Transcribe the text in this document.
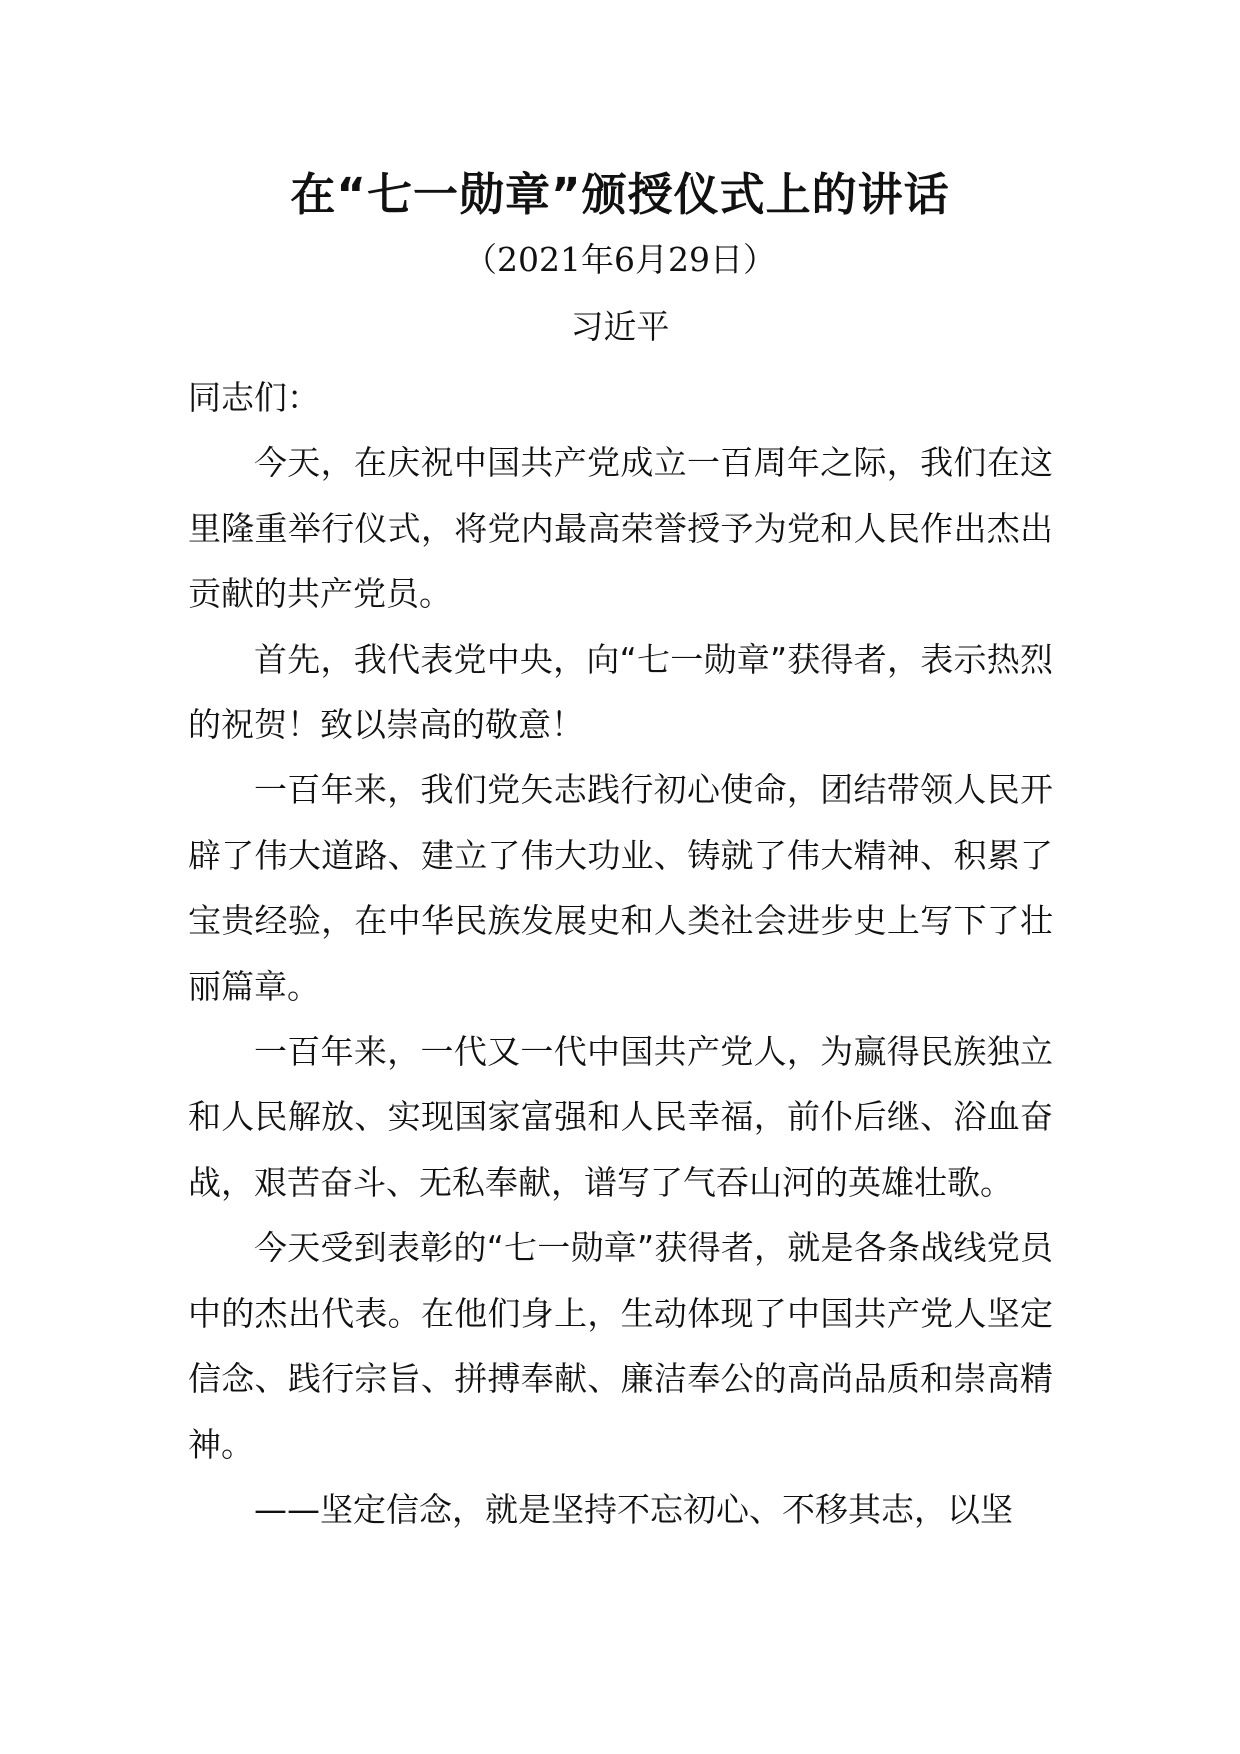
在“七一勋章”颁授仪式上的讲话
（2021年6月29日）
习近平

同志们：

今天，在庆祝中国共产党成立一百周年之际，我们在这里隆重举行仪式，将党内最高荣誉授予为党和人民作出杰出贡献的共产党员。

首先，我代表党中央，向“七一勋章”获得者，表示热烈的祝贺！致以崇高的敬意！

一百年来，我们党矢志践行初心使命，团结带领人民开辟了伟大道路、建立了伟大功业、铸就了伟大精神、积累了宝贵经验，在中华民族发展史和人类社会进步史上写下了壮丽篇章。

一百年来，一代又一代中国共产党人，为赢得民族独立和人民解放、实现国家富强和人民幸福，前仆后继、浴血奋战，艰苦奋斗、无私奉献，谱写了气吞山河的英雄壮歌。

今天受到表彰的“七一勋章”获得者，就是各条战线党员中的杰出代表。在他们身上，生动体现了中国共产党人坚定信念、践行宗旨、拼搏奉献、廉洁奉公的高尚品质和崇高精神。

——坚定信念，就是坚持不忘初心、不移其志，以坚
